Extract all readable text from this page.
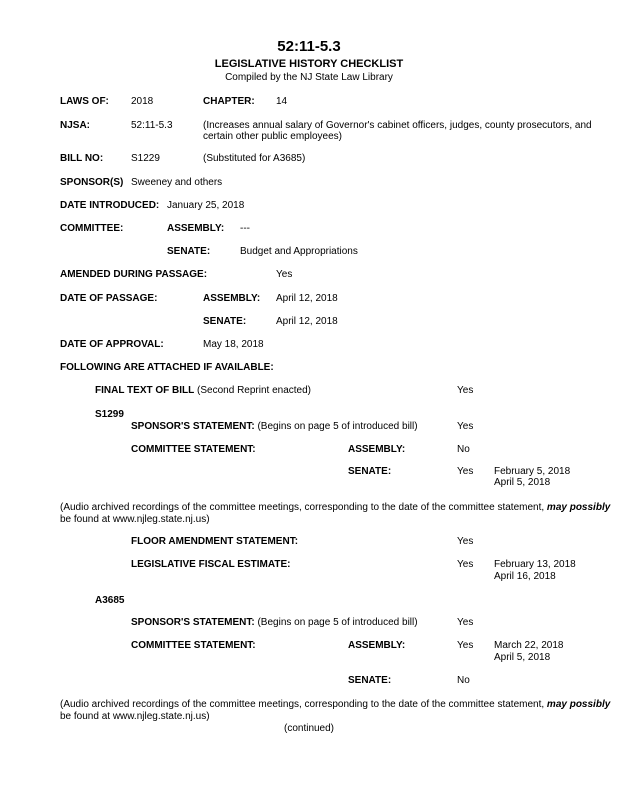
52:11-5.3
LEGISLATIVE HISTORY CHECKLIST
Compiled by the NJ State Law Library
LAWS OF: 2018	CHAPTER: 14
NJSA:	52:11-5.3	(Increases annual salary of Governor's cabinet officers, judges, county prosecutors, and certain other public employees)
BILL NO:	S1229	(Substituted for A3685)
SPONSOR(S) Sweeney and others
DATE INTRODUCED: January 25, 2018
COMMITTEE:	ASSEMBLY: ---
SENATE:	Budget and Appropriations
AMENDED DURING PASSAGE:	Yes
DATE OF PASSAGE:	ASSEMBLY: April 12, 2018
SENATE:	April 12, 2018
DATE OF APPROVAL:	May 18, 2018
FOLLOWING ARE ATTACHED IF AVAILABLE:
FINAL TEXT OF BILL (Second Reprint enacted)	Yes
S1299
SPONSOR'S STATEMENT: (Begins on page 5 of introduced bill)	Yes
COMMITTEE STATEMENT:	ASSEMBLY:	No
SENATE:	Yes February 5, 2018
April 5, 2018
(Audio archived recordings of the committee meetings, corresponding to the date of the committee statement, may possibly
be found at www.njleg.state.nj.us)
FLOOR AMENDMENT STATEMENT:	Yes
LEGISLATIVE FISCAL ESTIMATE:	Yes February 13, 2018
April 16, 2018
A3685
SPONSOR'S STATEMENT: (Begins on page 5 of introduced bill)	Yes
COMMITTEE STATEMENT:	ASSEMBLY:	Yes March 22, 2018
April 5, 2018
SENATE:	No
(Audio archived recordings of the committee meetings, corresponding to the date of the committee statement, may possibly
be found at www.njleg.state.nj.us)
(continued)
